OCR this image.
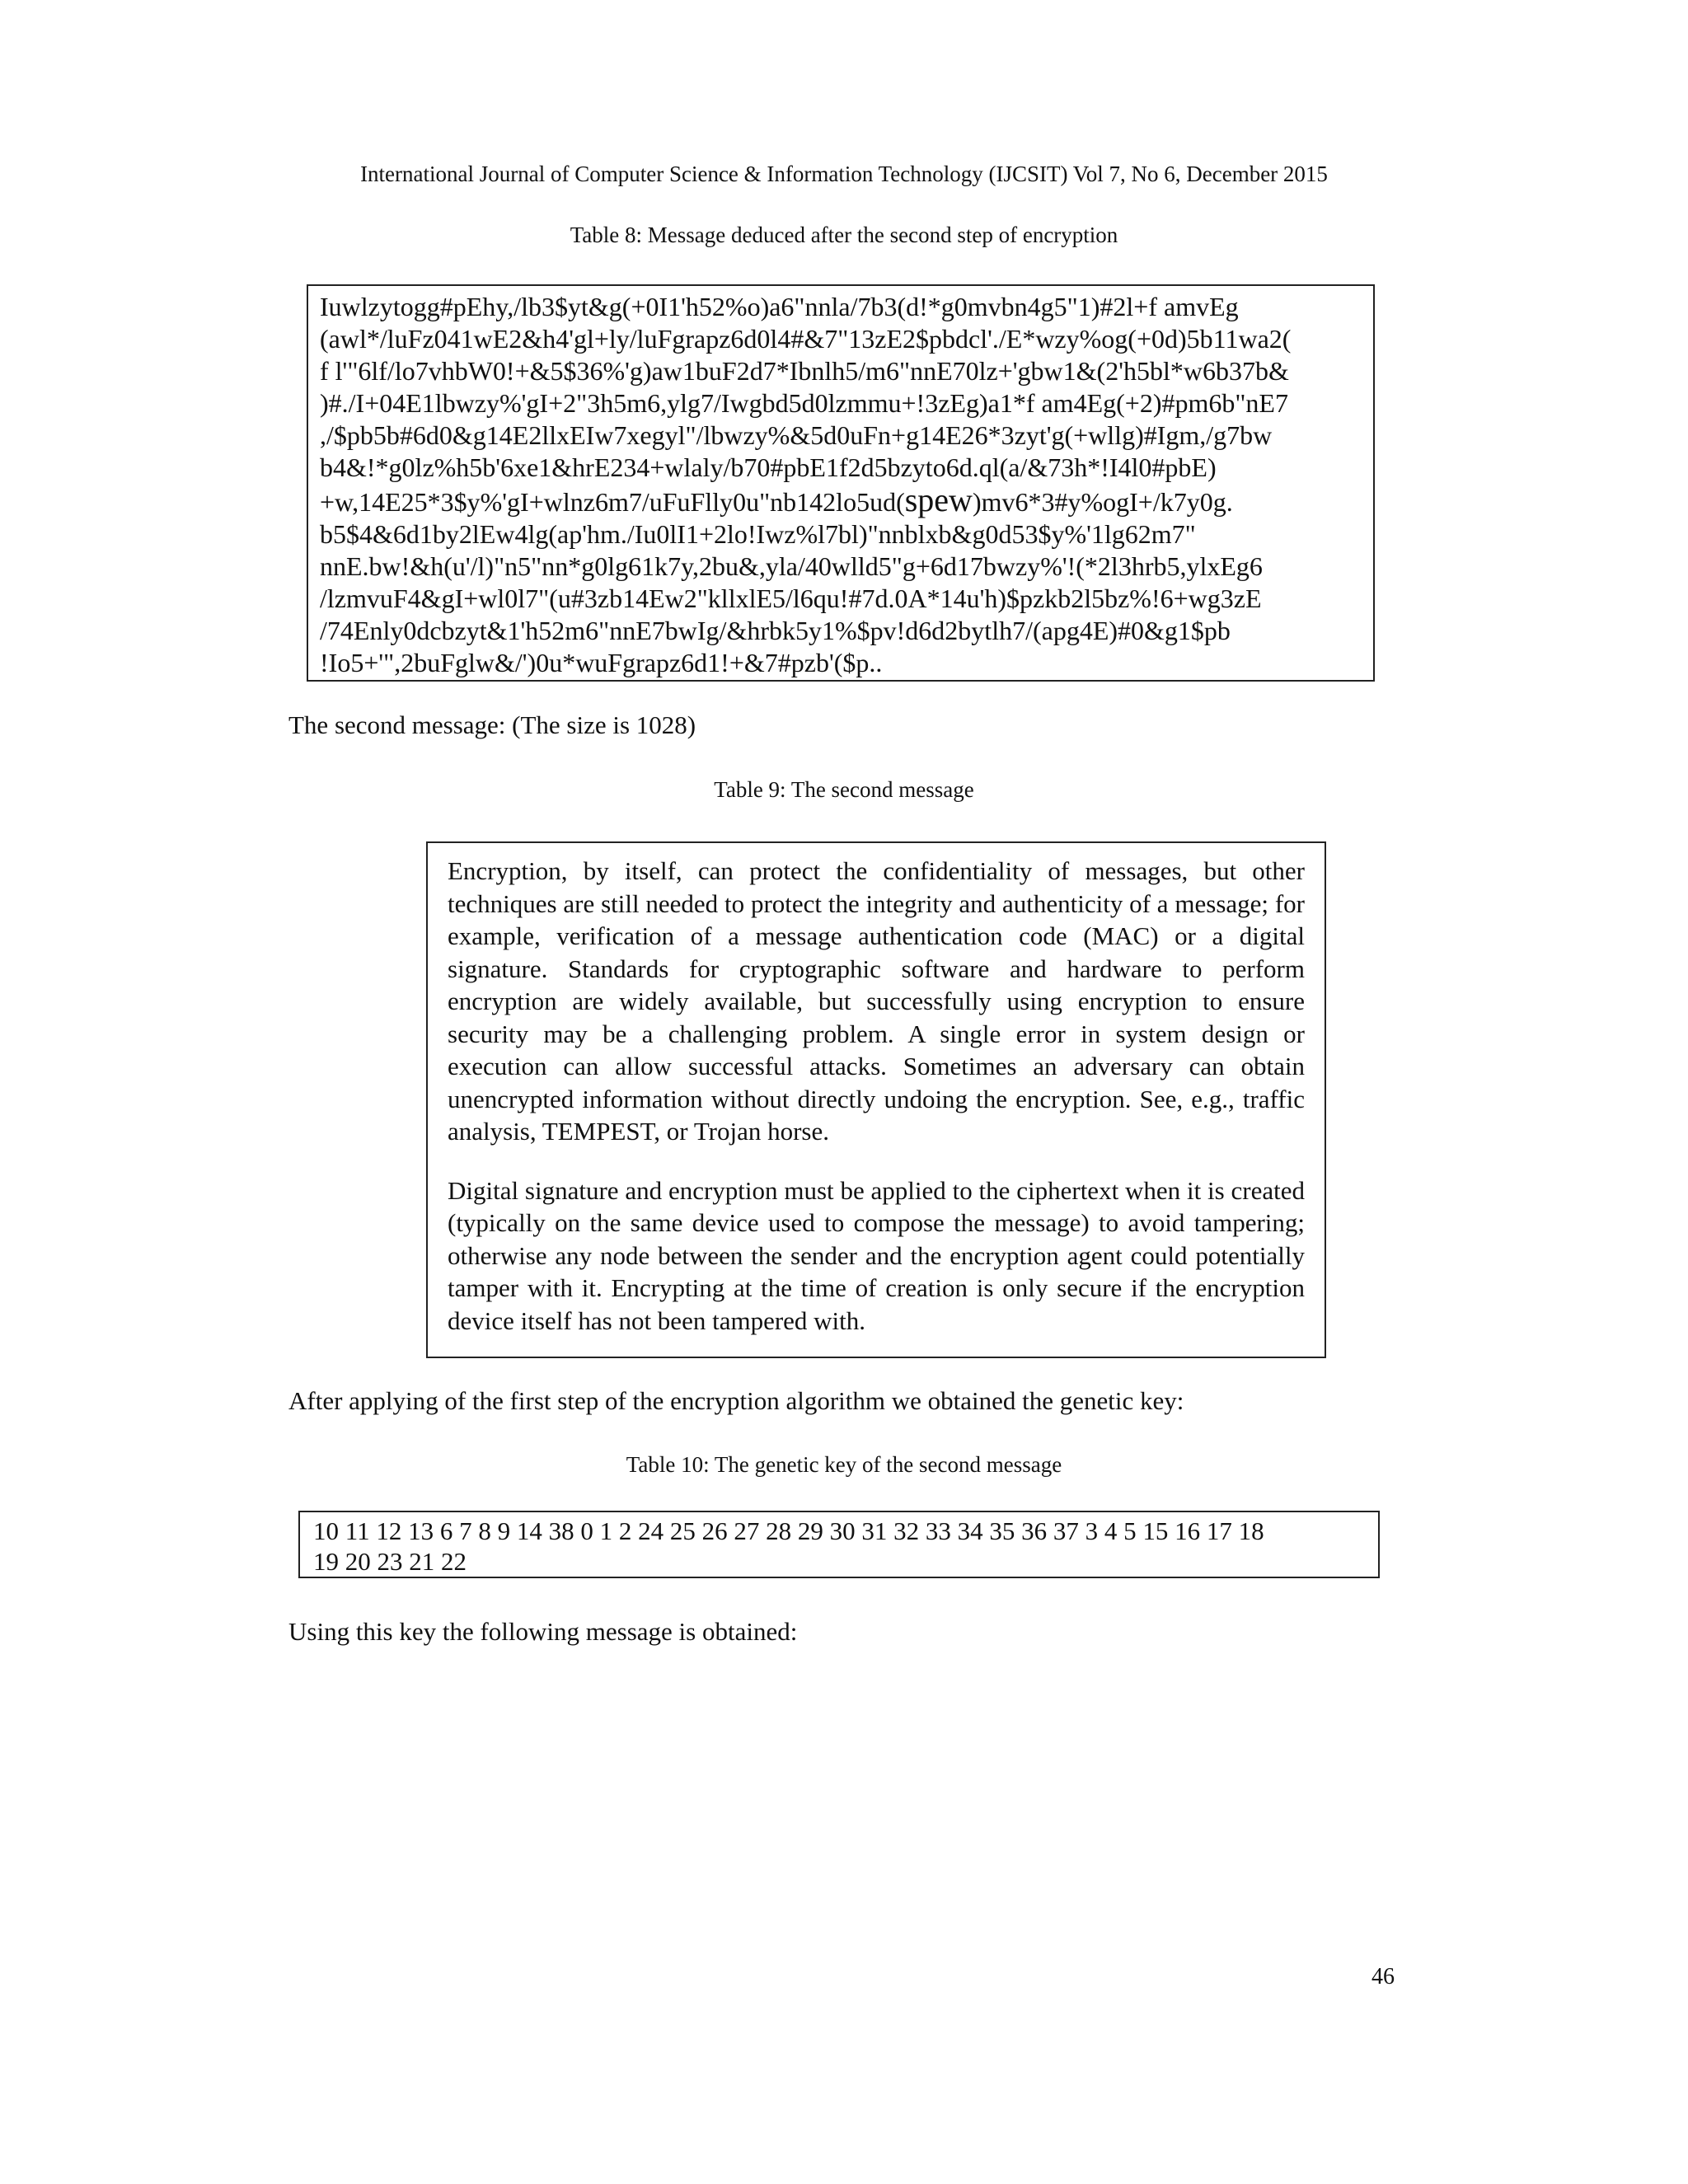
International Journal of Computer Science & Information Technology (IJCSIT) Vol 7, No 6, December 2015
Table 8: Message deduced after the second step of encryption
Iuwlzytogg#pEhy,/lb3$yt&g(+0I1'h52%o)a6"nnla/7b3(d!*g0mvbn4g5"1)#2l+f amvEg
(awl*/luFz041wE2&h4'gl+ly/luFgrapz6d0l4#&7"13zE2$pbdcl'./E*wzy%og(+0d)5b11wa2(
f l'"6lf/lo7vhbW0!+&5$36%'g)aw1buF2d7*Ibnlh5/m6"nnE70lz+'gbw1&(2'h5bl*w6b37b&
)#./I+04E1lbwzy%'gI+2"3h5m6,ylg7/Iwgbd5d0lzmmu+!3zEg)a1*f am4Eg(+2)#pm6b"nE7
,/$pb5b#6d0&g14E2llxEIw7xegyl"/lbwzy%&5d0uFn+g14E26*3zyt'g(+wllg)#Igm,/g7bw
b4&!*g0lz%h5b'6xe1&hrE234+wlaly/b70#pbE1f2d5bzyto6d.ql(a/&73h*!I4l0#pbE)
+w,14E25*3$y%'gI+wlnz6m7/uFuFlly0u"nb142lo5ud(spew)mv6*3#y%ogI+/k7y0g.
b5$4&6d1by2lEw4lg(ap'hm./Iu0lI1+2lo!Iwz%l7bl)"nnblxb&g0d53$y%'1lg62m7"
nnE.bw!&h(u'/l)"n5"nn*g0lg61k7y,2bu&,yla/40wlld5"g+6d17bwzy%'!(*2l3hrb5,ylxEg6
/lzmvuF4&gI+wl0l7"(u#3zb14Ew2"kllxlE5/l6qu!#7d.0A*14u'h)$pzkb2l5bz%!6+wg3zE
/74Enly0dcbzyt&1'h52m6"nnE7bwIg/&hrbk5y1%$pv!d6d2bytlh7/(apg4E)#0&g1$pb
!Io5+'",2buFglw&/')0u*wuFgrapz6d1!+&7#pzb'($p..
The second message: (The size is 1028)
Table 9: The second message

Encryption, by itself, can protect the confidentiality of messages, but other techniques are still needed to protect the integrity and authenticity of a message; for example, verification of a message authentication code (MAC) or a digital signature. Standards for cryptographic software and hardware to perform encryption are widely available, but successfully using encryption to ensure security may be a challenging problem. A single error in system design or execution can allow successful attacks. Sometimes an adversary can obtain unencrypted information without directly undoing the encryption. See, e.g., traffic analysis, TEMPEST, or Trojan horse.

Digital signature and encryption must be applied to the ciphertext when it is created (typically on the same device used to compose the message) to avoid tampering; otherwise any node between the sender and the encryption agent could potentially tamper with it. Encrypting at the time of creation is only secure if the encryption device itself has not been tampered with.

After applying of the first step of the encryption algorithm we obtained the genetic key:
Table 10: The genetic key of the second message
10 11 12 13 6 7 8 9 14 38 0 1 2 24 25 26 27 28 29 30 31 32 33 34 35 36 37 3 4 5 15 16 17 18
19 20 23 21 22
Using this key the following message is obtained:
46
